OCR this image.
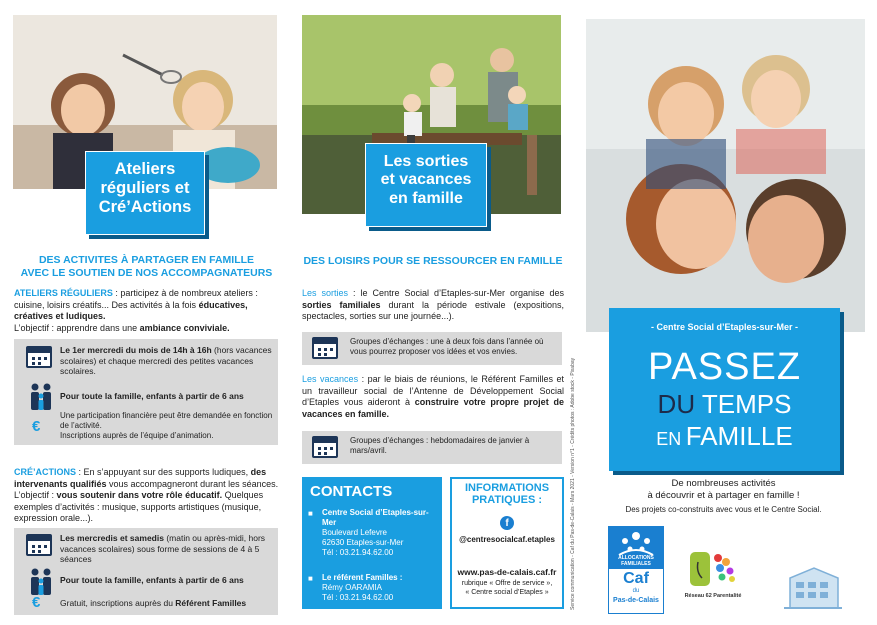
Ateliers
réguliers et
Cré’Actions
DES ACTIVITES À PARTAGER EN FAMILLE
AVEC LE SOUTIEN DE NOS ACCOMPAGNATEURS
ATELIERS RÉGULIERS : participez à de nombreux ateliers :
cuisine, loisirs créatifs... Des activités à la fois éducatives,
créatives et ludiques.
L’objectif : apprendre dans une ambiance conviviale.
Le 1er mercredi du mois de 14h à 16h (hors vacances scolaires) et chaque mercredi des petites vacances scolaires.
Pour toute la famille, enfants à partir de 6 ans
€
Une participation financière peut être demandée en fonction de l’activité.
Inscriptions auprès de l’équipe d’animation.
CRÉ’ACTIONS : En s’appuyant sur des supports ludiques, des intervenants qualifiés vous accompagneront durant les séances. L’objectif : vous soutenir dans votre rôle éducatif. Quelques exemples d’activités : musique, supports artistiques (musique, expression orale...).
Les mercredis et samedis (matin ou après-midi, hors vacances scolaires) sous forme de sessions de 4 à 5 séances
Pour toute la famille, enfants à partir de 6 ans
€ Gratuit, inscriptions auprès du Référent Familles
Les sorties
et vacances
en famille
DES LOISIRS POUR SE RESSOURCER EN FAMILLE
Les sorties : le Centre Social d’Etaples-sur-Mer organise des sorties familiales durant la période estivale (expositions, spectacles, sorties sur une journée...).
Groupes d’échanges : une à deux fois dans l’année où vous pourrez proposer vos idées et vos envies.
Les vacances : par le biais de réunions, le Référent Familles et un travailleur social de l’Antenne de Développement Social d’Etaples vous aideront à construire votre propre projet de vacances en famille.
Groupes d’échanges : hebdomadaires de janvier à mars/avril.
CONTACTS
■ Centre Social d’Etaples-sur-Mer
Boulevard Lefevre
62630 Etaples-sur-Mer
Tél : 03.21.94.62.00
■ Le référent Familles :
Rémy OARAMIA
Tél : 03.21.94.62.00
INFORMATIONS
PRATIQUES :
f
@centresocialcaf.etaples
www.pas-de-calais.caf.fr
rubrique « Offre de service »,
« Centre social d’Etaples »	Service communication - Caf du Pas-de-Calais - Mars 2021 - Version n°1 - Crédits photos : Adobe stock - Pixabay
- Centre Social d’Etaples-sur-Mer -
PASSEZ
DU TEMPS
EN FAMILLE
De nombreuses activités
à découvrir et à partager en famille !
Des projets co-construits avec vous et le Centre Social.
ALLOCATIONS
FAMILIALES
Caf
du
Pas-de-Calais
Réseau 62 Parentalité
